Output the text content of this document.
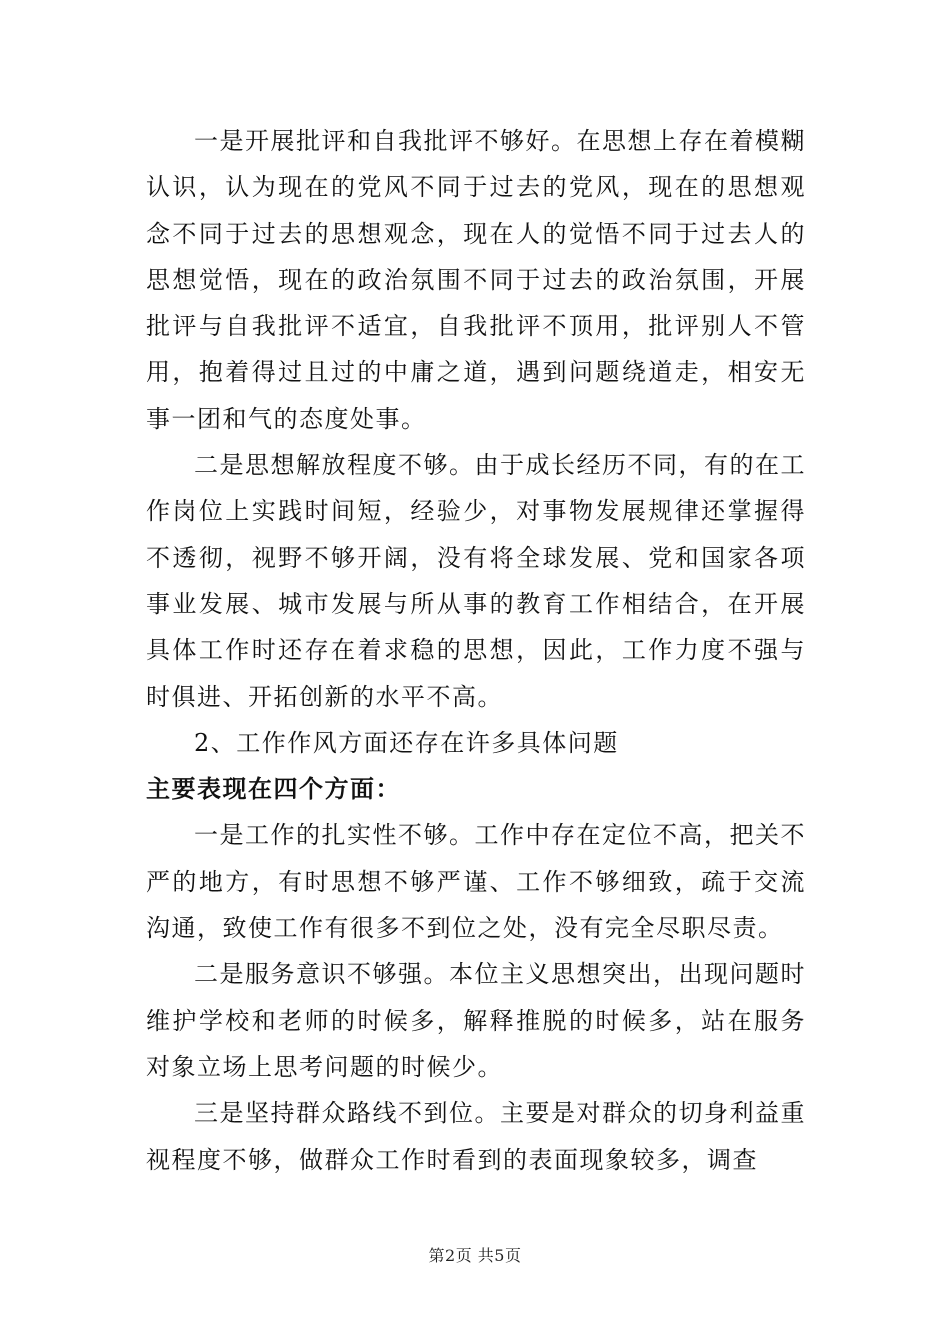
一是开展批评和自我批评不够好。在思想上存在着模糊认识，认为现在的党风不同于过去的党风，现在的思想观念不同于过去的思想观念，现在人的觉悟不同于过去人的思想觉悟，现在的政治氛围不同于过去的政治氛围，开展批评与自我批评不适宜，自我批评不顶用，批评别人不管用，抱着得过且过的中庸之道，遇到问题绕道走，相安无事一团和气的态度处事。

二是思想解放程度不够。由于成长经历不同，有的在工作岗位上实践时间短，经验少，对事物发展规律还掌握得不透彻，视野不够开阔，没有将全球发展、党和国家各项事业发展、城市发展与所从事的教育工作相结合，在开展具体工作时还存在着求稳的思想，因此，工作力度不强与时俱进、开拓创新的水平不高。

2、工作作风方面还存在许多具体问题

主要表现在四个方面：

一是工作的扎实性不够。工作中存在定位不高，把关不严的地方，有时思想不够严谨、工作不够细致，疏于交流沟通，致使工作有很多不到位之处，没有完全尽职尽责。

二是服务意识不够强。本位主义思想突出，出现问题时维护学校和老师的时候多，解释推脱的时候多，站在服务对象立场上思考问题的时候少。

三是坚持群众路线不到位。主要是对群众的切身利益重视程度不够，做群众工作时看到的表面现象较多，调查

第2页 共5页
